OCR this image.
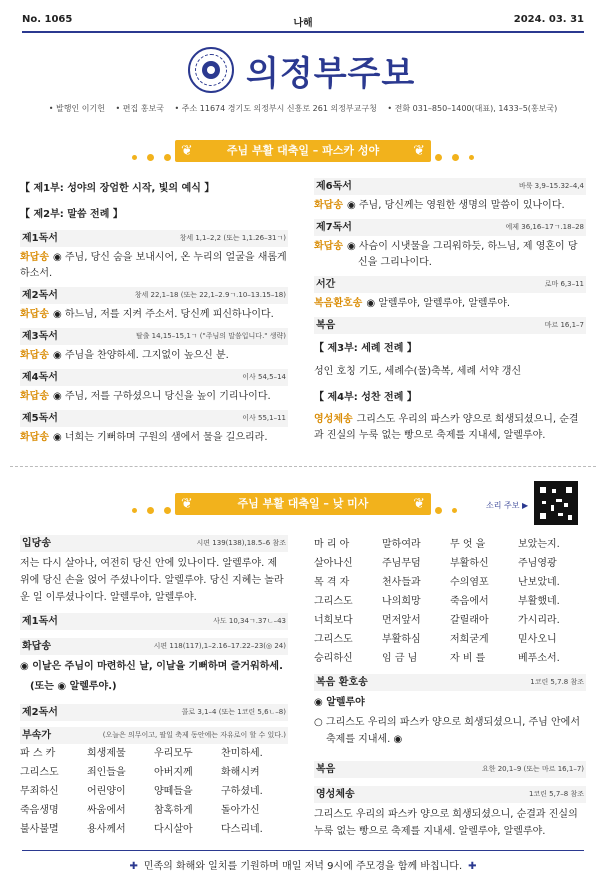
No. 1065	나해	2024. 03. 31
의정부주보
• 발행인 이기헌 • 편집 홍보국 • 주소 11674 경기도 의정부시 신흥로 261 의정부교구청 • 전화 031–850–1400(대표), 1433–5(홍보국)
❦	주님 부활 대축일 – 파스카 성야 ❦
【 제1부: 성야의 장엄한 시작, 빛의 예식 】
【 제2부: 말씀 전례 】
제1독서	창세 1,1–2,2 (또는 1,1.26–31ㄱ)
화답송 ◉ 주님, 당신 숨을 보내시어, 온 누리의 얼굴을 새롭게 하소서.
제2독서	창세 22,1–18 (또는 22,1–2.9ㄱ.10–13.15–18)
화답송 ◉ 하느님, 저를 지켜 주소서. 당신께 피신하나이다.
제3독서	탈출 14,15–15,1ㄱ ("주님의 말씀입니다." 생략)
화답송 ◉ 주님을 찬양하세. 그지없이 높으신 분.
제4독서	이사 54,5–14
화답송 ◉ 주님, 저를 구하셨으니 당신을 높이 기리나이다.
제5독서	이사 55,1–11
화답송 ◉ 너희는 기뻐하며 구원의 샘에서 물을 길으리라.
제6독서	바룩 3,9–15.32–4,4
화답송 ◉ 주님, 당신께는 영원한 생명의 말씀이 있나이다.
제7독서	에제 36,16–17ㄱ.18–28
화답송 ◉ 사슴이 시냇물을 그리워하듯, 하느님, 제 영혼이 당신을 그리나이다.
서간	로마 6,3–11
복음환호송 ◉ 알렐루야, 알렐루야, 알렐루야.
복음	마르 16,1–7
【 제3부: 세례 전례 】
성인 호칭 기도, 세례수(물)축복, 세례 서약 갱신
【 제4부: 성찬 전례 】
영성체송 그리스도 우리의 파스카 양으로 희생되셨으니, 순결과 진실의 누룩 없는 빵으로 축제를 지내세, 알렐루야.
❦	주님 부활 대축일 – 낮 미사	❦	소리 주보 ▶
입당송	시편 139(138),18.5–6 참조
저는 다시 살아나, 여전히 당신 안에 있나이다. 알렐루야. 제 위에 당신 손을 얹어 주셨나이다. 알렐루야. 당신 지혜는 놀라운 일 이루셨나이다. 알렐루야, 알렐루야.
제1독서	사도 10,34ㄱ.37ㄴ–43
화답송	시편 118(117),1–2.16–17.22–23(◎ 24)
◉ 이날은 주님이 마련하신 날, 이날을 기뻐하며 즐거워하세.
(또는 ◉ 알렐루야.)
제2독서	콜로 3,1–4 (또는 1코린 5,6ㄴ–8)
부속가	(오늘은 의무이고, 팔일 축제 동안에는 자유로이 할 수 있다.)
파 스 카	희생제물	우리모두	찬미하세.
그리스도	죄인들을	아버지께	화해시켜
무죄하신	어린양이	양떼들을	구하셨네.
죽음생명	싸움에서	참혹하게	돌아가신
불사불멸	용사께서	다시살아	다스리네.
마 리 아	말하여라	무 엇 을	보았는지.
살아나신	주님무덤	부활하신	주님영광
목 격 자	천사들과	수의염포	난보았네.
그리스도	나의희망	죽음에서	부활했네.
너희보다	먼저앞서	갈릴래아	가시리라.
그리스도	부활하심	저희굳게	믿사오니
승리하신	임 금 님	자 비 를	베푸소서.
복음 환호송	1코린 5,7.8 참조
◉ 알렐루야
○ 그리스도 우리의 파스카 양으로 희생되셨으니, 주님 안에서 축제를 지내세. ◉
복음	요한 20,1–9 (또는 마르 16,1–7)
영성체송	1코린 5,7–8 참조
그리스도 우리의 파스카 양으로 희생되셨으니, 순결과 진실의 누룩 없는 빵으로 축제를 지내세. 알렐루야, 알렐루야.
✚ 민족의 화해와 일치를 기원하며 매일 저녁 9시에 주모경을 함께 바칩니다. ✚
